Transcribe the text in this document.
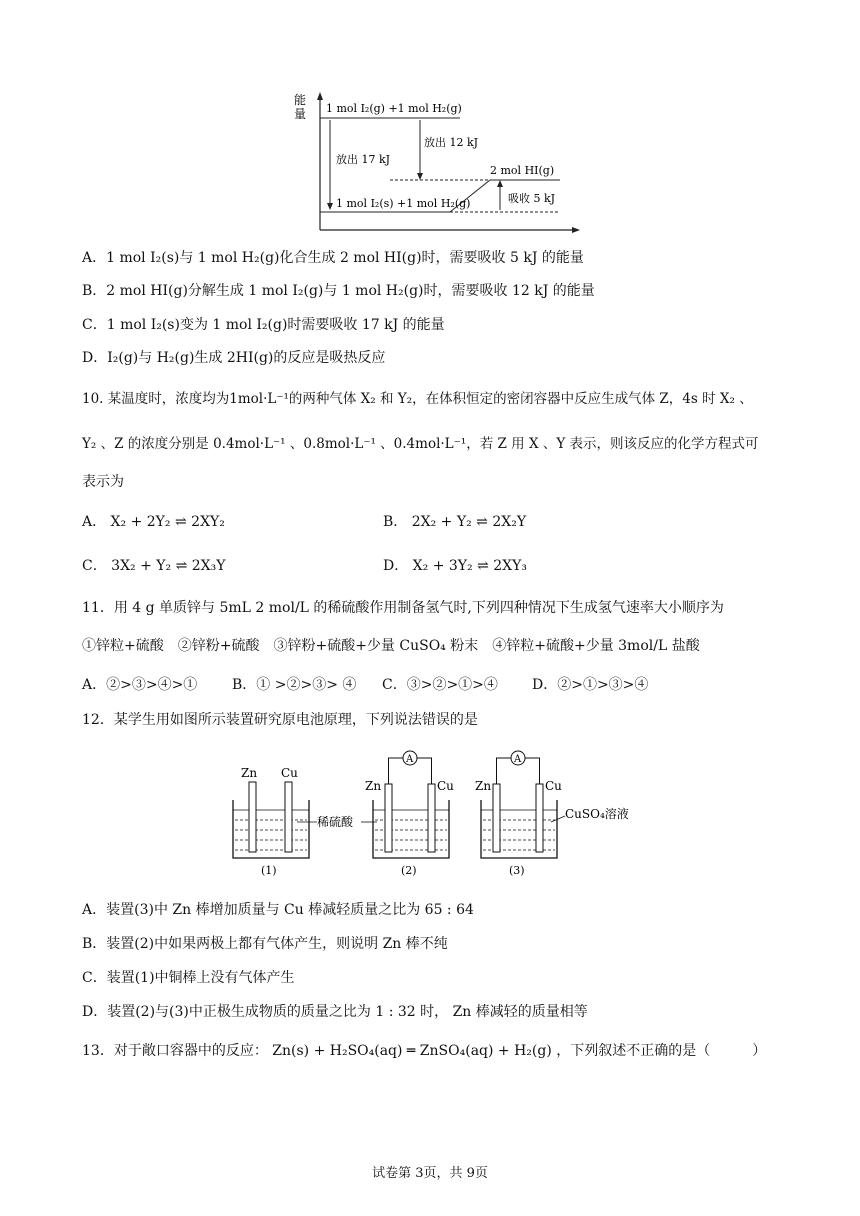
能
量 1 mol I₂(g) +1 mol H₂(g)
放出 12 kJ
放出 17 kJ
2 mol HI(g)
1 mol I₂(s) +1 mol H₂(g)	吸收 5 kJ
A．1 mol I₂(s)与 1 mol H₂(g)化合生成 2 mol HI(g)时，需要吸收 5 kJ 的能量
B．2 mol HI(g)分解生成 1 mol I₂(g)与 1 mol H₂(g)时，需要吸收 12 kJ 的能量
C．1 mol I₂(s)变为 1 mol I₂(g)时需要吸收 17 kJ 的能量
D．I₂(g)与 H₂(g)生成 2HI(g)的反应是吸热反应
10. 某温度时，浓度均为1mol·L⁻¹的两种气体 X₂ 和 Y₂，在体积恒定的密闭容器中反应生成气体 Z，4s 时 X₂ 、
Y₂ 、Z 的浓度分别是 0.4mol·L⁻¹ 、0.8mol·L⁻¹ 、0.4mol·L⁻¹，若 Z 用 X 、Y 表示，则该反应的化学方程式可
表示为
A． X₂ + 2Y₂ ⇌ 2XY₂	B． 2X₂ + Y₂ ⇌ 2X₂Y
C． 3X₂ + Y₂ ⇌ 2X₃Y	D． X₂ + 3Y₂ ⇌ 2XY₃
11．用 4 g 单质锌与 5mL 2 mol/L 的稀硫酸作用制备氢气时,下列四种情况下生成氢气速率大小顺序为
①锌粒+硫酸　②锌粉+硫酸　③锌粉+硫酸+少量 CuSO₄ 粉末　④锌粒+硫酸+少量 3mol/L 盐酸
A．②>③>④>① B．① >②>③> ④ C．③>②>①>④ D．②>①>③>④
12．某学生用如图所示装置研究原电池原理，下列说法错误的是
Zn Cu
(1)
稀硫酸
A
Zn	Cu
(2)
A
Zn	Cu
(3)
CuSO₄溶液
A．装置(3)中 Zn 棒增加质量与 Cu 棒减轻质量之比为 65 : 64
B．装置(2)中如果两极上都有气体产生，则说明 Zn 棒不纯
C．装置(1)中铜棒上没有气体产生
D．装置(2)与(3)中正极生成物质的质量之比为 1 : 32 时， Zn 棒减轻的质量相等
13．对于敞口容器中的反应： Zn(s) + H₂SO₄(aq) ═ ZnSO₄(aq) + H₂(g) ，下列叙述不正确的是（　　　）
试卷第 3页，共 9页
